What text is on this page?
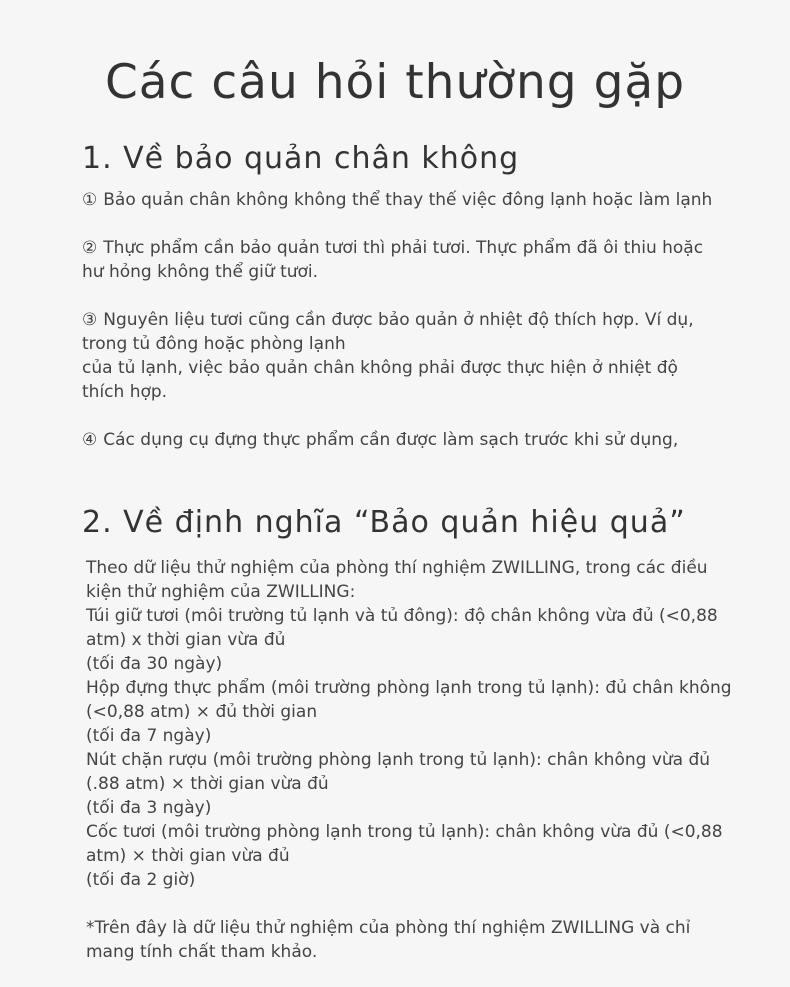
Các câu hỏi thường gặp
1. Về bảo quản chân không
① Bảo quản chân không không thể thay thế việc đông lạnh hoặc làm lạnh
② Thực phẩm cần bảo quản tươi thì phải tươi. Thực phẩm đã ôi thiu hoặc
hư hỏng không thể giữ tươi.
③ Nguyên liệu tươi cũng cần được bảo quản ở nhiệt độ thích hợp. Ví dụ,
trong tủ đông hoặc phòng lạnh
của tủ lạnh, việc bảo quản chân không phải được thực hiện ở nhiệt độ
thích hợp.
④ Các dụng cụ đựng thực phẩm cần được làm sạch trước khi sử dụng,
2. Về định nghĩa “Bảo quản hiệu quả”
Theo dữ liệu thử nghiệm của phòng thí nghiệm ZWILLING, trong các điều
kiện thử nghiệm của ZWILLING:
Túi giữ tươi (môi trường tủ lạnh và tủ đông): độ chân không vừa đủ (<0,88
atm) x thời gian vừa đủ
(tối đa 30 ngày)
Hộp đựng thực phẩm (môi trường phòng lạnh trong tủ lạnh): đủ chân không
(<0,88 atm) × đủ thời gian
(tối đa 7 ngày)
Nút chặn rượu (môi trường phòng lạnh trong tủ lạnh): chân không vừa đủ
(.88 atm) × thời gian vừa đủ
(tối đa 3 ngày)
Cốc tươi (môi trường phòng lạnh trong tủ lạnh): chân không vừa đủ (<0,88
atm) × thời gian vừa đủ
(tối đa 2 giờ)
*Trên đây là dữ liệu thử nghiệm của phòng thí nghiệm ZWILLING và chỉ
mang tính chất tham khảo.
